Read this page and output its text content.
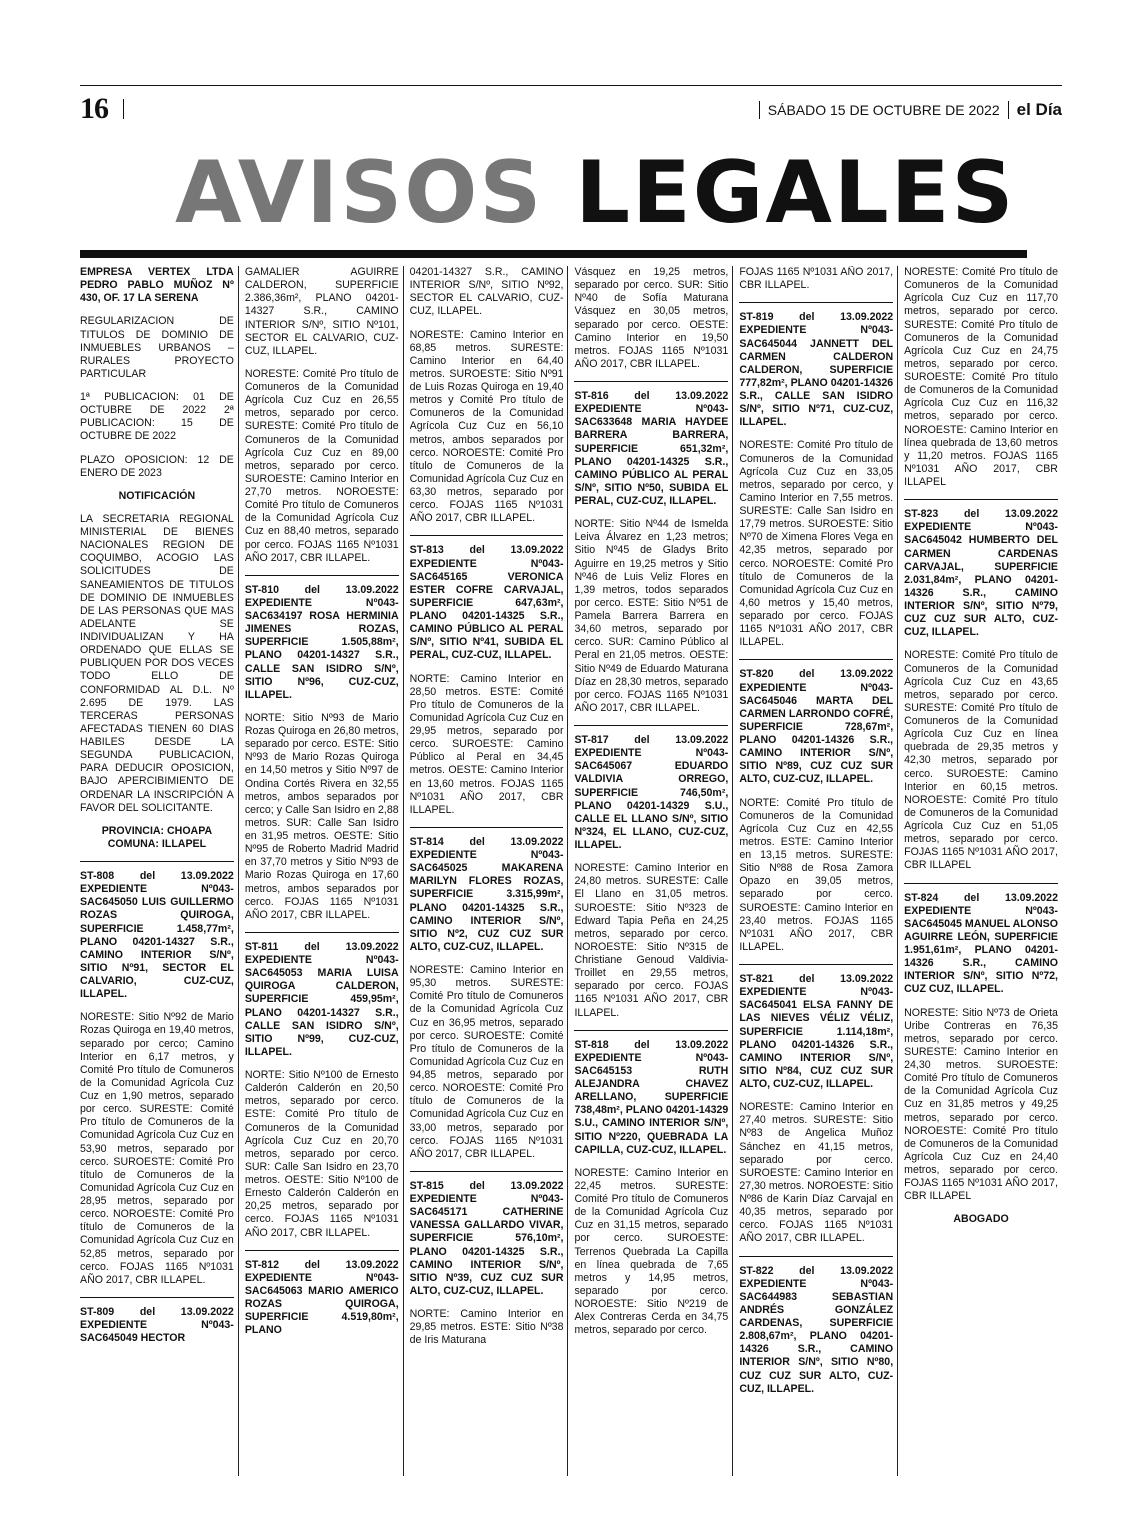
16	SÁBADO 15 DE OCTUBRE DE 2022 el Día
AVISOS LEGALES

EMPRESA VERTEX LTDA PEDRO PABLO MUÑOZ Nº 430, OF. 17 LA SERENA

REGULARIZACION DE TITULOS DE DOMINIO DE INMUEBLES URBANOS – RURALES PROYECTO PARTICULAR

1ª PUBLICACION: 01 DE OCTUBRE DE 2022 2ª PUBLICACION: 15 DE OCTUBRE DE 2022

PLAZO OPOSICION: 12 DE ENERO DE 2023

NOTIFICACIÓN

LA SECRETARIA REGIONAL MINISTERIAL DE BIENES NACIONALES REGION DE COQUIMBO, ACOGIO LAS SOLICITUDES DE SANEAMIENTOS DE TITULOS DE DOMINIO DE INMUEBLES DE LAS PERSONAS QUE MAS ADELANTE SE INDIVIDUALIZAN Y HA ORDENADO QUE ELLAS SE PUBLIQUEN POR DOS VECES TODO ELLO DE CONFORMIDAD AL D.L. Nº 2.695 DE 1979. LAS TERCERAS PERSONAS AFECTADAS TIENEN 60 DIAS HABILES DESDE LA SEGUNDA PUBLICACION, PARA DEDUCIR OPOSICION, BAJO APERCIBIMIENTO DE ORDENAR LA INSCRIPCIÓN A FAVOR DEL SOLICITANTE.

PROVINCIA: CHOAPA COMUNA: ILLAPEL

ST-808 del 13.09.2022 EXPEDIENTE Nº043-SAC645050 LUIS GUILLERMO ROZAS QUIROGA, SUPERFICIE 1.458,77m², PLANO 04201-14327 S.R., CAMINO INTERIOR S/Nº, SITIO Nº91, SECTOR EL CALVARIO, CUZ-CUZ, ILLAPEL.

NORESTE: Sitio Nº92 de Mario Rozas Quiroga en 19,40 metros, separado por cerco; Camino Interior en 6,17 metros, y Comité Pro título de Comuneros de la Comunidad Agrícola Cuz Cuz en 1,90 metros, separado por cerco. SURESTE: Comité Pro título de Comuneros de la Comunidad Agrícola Cuz Cuz en 53,90 metros, separado por cerco. SUROESTE: Comité Pro título de Comuneros de la Comunidad Agrícola Cuz Cuz en 28,95 metros, separado por cerco. NOROESTE: Comité Pro título de Comuneros de la Comunidad Agrícola Cuz Cuz en 52,85 metros, separado por cerco. FOJAS 1165 Nº1031 AÑO 2017, CBR ILLAPEL.

ST-809 del 13.09.2022 EXPEDIENTE Nº043-SAC645049 HECTOR

GAMALIER AGUIRRE CALDERON, SUPERFICIE 2.386,36m², PLANO 04201-14327 S.R., CAMINO INTERIOR S/Nº, SITIO Nº101, SECTOR EL CALVARIO, CUZ-CUZ, ILLAPEL.

NORESTE: Comité Pro título de Comuneros de la Comunidad Agrícola Cuz Cuz en 26,55 metros, separado por cerco. SURESTE: Comité Pro título de Comuneros de la Comunidad Agrícola Cuz Cuz en 89,00 metros, separado por cerco. SUROESTE: Camino Interior en 27,70 metros. NOROESTE: Comité Pro título de Comuneros de la Comunidad Agrícola Cuz Cuz en 88,40 metros, separado por cerco. FOJAS 1165 Nº1031 AÑO 2017, CBR ILLAPEL.

ST-810 del 13.09.2022 EXPEDIENTE Nº043-SAC634197 ROSA HERMINIA JIMENES ROZAS, SUPERFICIE 1.505,88m², PLANO 04201-14327 S.R., CALLE SAN ISIDRO S/Nº, SITIO Nº96, CUZ-CUZ, ILLAPEL.

NORTE: Sitio Nº93 de Mario Rozas Quiroga en 26,80 metros, separado por cerco. ESTE: Sitio Nº93 de Mario Rozas Quiroga en 14,50 metros y Sitio Nº97 de Ondina Cortés Rivera en 32,55 metros, ambos separados por cerco; y Calle San Isidro en 2,88 metros. SUR: Calle San Isidro en 31,95 metros. OESTE: Sitio Nº95 de Roberto Madrid Madrid en 37,70 metros y Sitio Nº93 de Mario Rozas Quiroga en 17,60 metros, ambos separados por cerco. FOJAS 1165 Nº1031 AÑO 2017, CBR ILLAPEL.

ST-811 del 13.09.2022 EXPEDIENTE Nº043-SAC645053 MARIA LUISA QUIROGA CALDERON, SUPERFICIE 459,95m², PLANO 04201-14327 S.R., CALLE SAN ISIDRO S/Nº, SITIO Nº99, CUZ-CUZ, ILLAPEL.

NORTE: Sitio Nº100 de Ernesto Calderón Calderón en 20,50 metros, separado por cerco. ESTE: Comité Pro título de Comuneros de la Comunidad Agrícola Cuz Cuz en 20,70 metros, separado por cerco. SUR: Calle San Isidro en 23,70 metros. OESTE: Sitio Nº100 de Ernesto Calderón Calderón en 20,25 metros, separado por cerco. FOJAS 1165 Nº1031 AÑO 2017, CBR ILLAPEL.

ST-812 del 13.09.2022 EXPEDIENTE Nº043-SAC645063 MARIO AMERICO ROZAS QUIROGA, SUPERFICIE 4.519,80m², PLANO

04201-14327 S.R., CAMINO INTERIOR S/Nº, SITIO Nº92, SECTOR EL CALVARIO, CUZ-CUZ, ILLAPEL.

NORESTE: Camino Interior en 68,85 metros. SURESTE: Camino Interior en 64,40 metros. SUROESTE: Sitio Nº91 de Luis Rozas Quiroga en 19,40 metros y Comité Pro título de Comuneros de la Comunidad Agrícola Cuz Cuz en 56,10 metros, ambos separados por cerco. NOROESTE: Comité Pro título de Comuneros de la Comunidad Agrícola Cuz Cuz en 63,30 metros, separado por cerco. FOJAS 1165 Nº1031 AÑO 2017, CBR ILLAPEL.

ST-813 del 13.09.2022 EXPEDIENTE Nº043-SAC645165 VERONICA ESTER COFRE CARVAJAL, SUPERFICIE 647,63m², PLANO 04201-14325 S.R., CAMINO PÚBLICO AL PERAL S/Nº, SITIO Nº41, SUBIDA EL PERAL, CUZ-CUZ, ILLAPEL.

NORTE: Camino Interior en 28,50 metros. ESTE: Comité Pro título de Comuneros de la Comunidad Agrícola Cuz Cuz en 29,95 metros, separado por cerco. SUROESTE: Camino Público al Peral en 34,45 metros. OESTE: Camino Interior en 13,60 metros. FOJAS 1165 Nº1031 AÑO 2017, CBR ILLAPEL.

ST-814 del 13.09.2022 EXPEDIENTE Nº043-SAC645025 MAKARENA MARILYN FLORES ROZAS, SUPERFICIE 3.315,99m², PLANO 04201-14325 S.R., CAMINO INTERIOR S/Nº, SITIO Nº2, CUZ CUZ SUR ALTO, CUZ-CUZ, ILLAPEL.

NORESTE: Camino Interior en 95,30 metros. SURESTE: Comité Pro título de Comuneros de la Comunidad Agrícola Cuz Cuz en 36,95 metros, separado por cerco. SUROESTE: Comité Pro título de Comuneros de la Comunidad Agrícola Cuz Cuz en 94,85 metros, separado por cerco. NOROESTE: Comité Pro título de Comuneros de la Comunidad Agrícola Cuz Cuz en 33,00 metros, separado por cerco. FOJAS 1165 Nº1031 AÑO 2017, CBR ILLAPEL.

ST-815 del 13.09.2022 EXPEDIENTE Nº043-SAC645171 CATHERINE VANESSA GALLARDO VIVAR, SUPERFICIE 576,10m², PLANO 04201-14325 S.R., CAMINO INTERIOR S/Nº, SITIO Nº39, CUZ CUZ SUR ALTO, CUZ-CUZ, ILLAPEL.

NORTE: Camino Interior en 29,85 metros. ESTE: Sitio Nº38 de Iris Maturana

Vásquez en 19,25 metros, separado por cerco. SUR: Sitio Nº40 de Sofía Maturana Vásquez en 30,05 metros, separado por cerco. OESTE: Camino Interior en 19,50 metros. FOJAS 1165 Nº1031 AÑO 2017, CBR ILLAPEL.

ST-816 del 13.09.2022 EXPEDIENTE Nº043-SAC633648 MARIA HAYDEE BARRERA BARRERA, SUPERFICIE 651,32m², PLANO 04201-14325 S.R., CAMINO PÚBLICO AL PERAL S/Nº, SITIO Nº50, SUBIDA EL PERAL, CUZ-CUZ, ILLAPEL.

NORTE: Sitio Nº44 de Ismelda Leiva Álvarez en 1,23 metros; Sitio Nº45 de Gladys Brito Aguirre en 19,25 metros y Sitio Nº46 de Luis Veliz Flores en 1,39 metros, todos separados por cerco. ESTE: Sitio Nº51 de Pamela Barrera Barrera en 34,60 metros, separado por cerco. SUR: Camino Público al Peral en 21,05 metros. OESTE: Sitio Nº49 de Eduardo Maturana Díaz en 28,30 metros, separado por cerco. FOJAS 1165 Nº1031 AÑO 2017, CBR ILLAPEL.

ST-817 del 13.09.2022 EXPEDIENTE Nº043-SAC645067 EDUARDO VALDIVIA ORREGO, SUPERFICIE 746,50m², PLANO 04201-14329 S.U., CALLE EL LLANO S/Nº, SITIO Nº324, EL LLANO, CUZ-CUZ, ILLAPEL.

NORESTE: Camino Interior en 24,80 metros. SURESTE: Calle El Llano en 31,05 metros. SUROESTE: Sitio Nº323 de Edward Tapia Peña en 24,25 metros, separado por cerco. NOROESTE: Sitio Nº315 de Christiane Genoud Valdivia-Troillet en 29,55 metros, separado por cerco. FOJAS 1165 Nº1031 AÑO 2017, CBR ILLAPEL.

ST-818 del 13.09.2022 EXPEDIENTE Nº043-SAC645153 RUTH ALEJANDRA CHAVEZ ARELLANO, SUPERFICIE 738,48m², PLANO 04201-14329 S.U., CAMINO INTERIOR S/Nº, SITIO Nº220, QUEBRADA LA CAPILLA, CUZ-CUZ, ILLAPEL.

NORESTE: Camino Interior en 22,45 metros. SURESTE: Comité Pro título de Comuneros de la Comunidad Agrícola Cuz Cuz en 31,15 metros, separado por cerco. SUROESTE: Terrenos Quebrada La Capilla en línea quebrada de 7,65 metros y 14,95 metros, separado por cerco. NOROESTE: Sitio Nº219 de Alex Contreras Cerda en 34,75 metros, separado por cerco.

FOJAS 1165 Nº1031 AÑO 2017, CBR ILLAPEL.

ST-819 del 13.09.2022 EXPEDIENTE Nº043-SAC645044 JANNETT DEL CARMEN CALDERON CALDERON, SUPERFICIE 777,82m², PLANO 04201-14326 S.R., CALLE SAN ISIDRO S/Nº, SITIO Nº71, CUZ-CUZ, ILLAPEL.

NORESTE: Comité Pro título de Comuneros de la Comunidad Agrícola Cuz Cuz en 33,05 metros, separado por cerco, y Camino Interior en 7,55 metros. SURESTE: Calle San Isidro en 17,79 metros. SUROESTE: Sitio Nº70 de Ximena Flores Vega en 42,35 metros, separado por cerco. NOROESTE: Comité Pro título de Comuneros de la Comunidad Agrícola Cuz Cuz en 4,60 metros y 15,40 metros, separado por cerco. FOJAS 1165 Nº1031 AÑO 2017, CBR ILLAPEL.

ST-820 del 13.09.2022 EXPEDIENTE Nº043-SAC645046 MARTA DEL CARMEN LARRONDO COFRÉ, SUPERFICIE 728,67m², PLANO 04201-14326 S.R., CAMINO INTERIOR S/Nº, SITIO Nº89, CUZ CUZ SUR ALTO, CUZ-CUZ, ILLAPEL.

NORTE: Comité Pro título de Comuneros de la Comunidad Agrícola Cuz Cuz en 42,55 metros. ESTE: Camino Interior en 13,15 metros. SURESTE: Sitio Nº88 de Rosa Zamora Opazo en 39,05 metros, separado por cerco. SUROESTE: Camino Interior en 23,40 metros. FOJAS 1165 Nº1031 AÑO 2017, CBR ILLAPEL.

ST-821 del 13.09.2022 EXPEDIENTE Nº043-SAC645041 ELSA FANNY DE LAS NIEVES VÉLIZ VÉLIZ, SUPERFICIE 1.114,18m², PLANO 04201-14326 S.R., CAMINO INTERIOR S/Nº, SITIO Nº84, CUZ CUZ SUR ALTO, CUZ-CUZ, ILLAPEL.

NORESTE: Camino Interior en 27,40 metros. SURESTE: Sitio Nº83 de Angelica Muñoz Sánchez en 41,15 metros, separado por cerco. SUROESTE: Camino Interior en 27,30 metros. NOROESTE: Sitio Nº86 de Karin Díaz Carvajal en 40,35 metros, separado por cerco. FOJAS 1165 Nº1031 AÑO 2017, CBR ILLAPEL.

ST-822 del 13.09.2022 EXPEDIENTE Nº043-SAC644983 SEBASTIAN ANDRÉS GONZÁLEZ CARDENAS, SUPERFICIE 2.808,67m², PLANO 04201-14326 S.R., CAMINO INTERIOR S/Nº, SITIO Nº80, CUZ CUZ SUR ALTO, CUZ-CUZ, ILLAPEL.

NORESTE: Comité Pro título de Comuneros de la Comunidad Agrícola Cuz Cuz en 117,70 metros, separado por cerco. SURESTE: Comité Pro título de Comuneros de la Comunidad Agrícola Cuz Cuz en 24,75 metros, separado por cerco. SUROESTE: Comité Pro título de Comuneros de la Comunidad Agrícola Cuz Cuz en 116,32 metros, separado por cerco. NOROESTE: Camino Interior en línea quebrada de 13,60 metros y 11,20 metros. FOJAS 1165 Nº1031 AÑO 2017, CBR ILLAPEL

ST-823 del 13.09.2022 EXPEDIENTE Nº043-SAC645042 HUMBERTO DEL CARMEN CARDENAS CARVAJAL, SUPERFICIE 2.031,84m², PLANO 04201-14326 S.R., CAMINO INTERIOR S/Nº, SITIO Nº79, CUZ CUZ SUR ALTO, CUZ-CUZ, ILLAPEL.

NORESTE: Comité Pro título de Comuneros de la Comunidad Agrícola Cuz Cuz en 43,65 metros, separado por cerco. SURESTE: Comité Pro título de Comuneros de la Comunidad Agrícola Cuz Cuz en línea quebrada de 29,35 metros y 42,30 metros, separado por cerco. SUROESTE: Camino Interior en 60,15 metros. NOROESTE: Comité Pro título de Comuneros de la Comunidad Agrícola Cuz Cuz en 51,05 metros, separado por cerco. FOJAS 1165 Nº1031 AÑO 2017, CBR ILLAPEL

ST-824 del 13.09.2022 EXPEDIENTE Nº043-SAC645045 MANUEL ALONSO AGUIRRE LEÓN, SUPERFICIE 1.951,61m², PLANO 04201-14326 S.R., CAMINO INTERIOR S/Nº, SITIO Nº72, CUZ CUZ, ILLAPEL.

NORESTE: Sitio Nº73 de Orieta Uribe Contreras en 76,35 metros, separado por cerco. SURESTE: Camino Interior en 24,30 metros. SUROESTE: Comité Pro título de Comuneros de la Comunidad Agrícola Cuz Cuz en 31,85 metros y 49,25 metros, separado por cerco. NOROESTE: Comité Pro título de Comuneros de la Comunidad Agrícola Cuz Cuz en 24,40 metros, separado por cerco. FOJAS 1165 Nº1031 AÑO 2017, CBR ILLAPEL

ABOGADO
